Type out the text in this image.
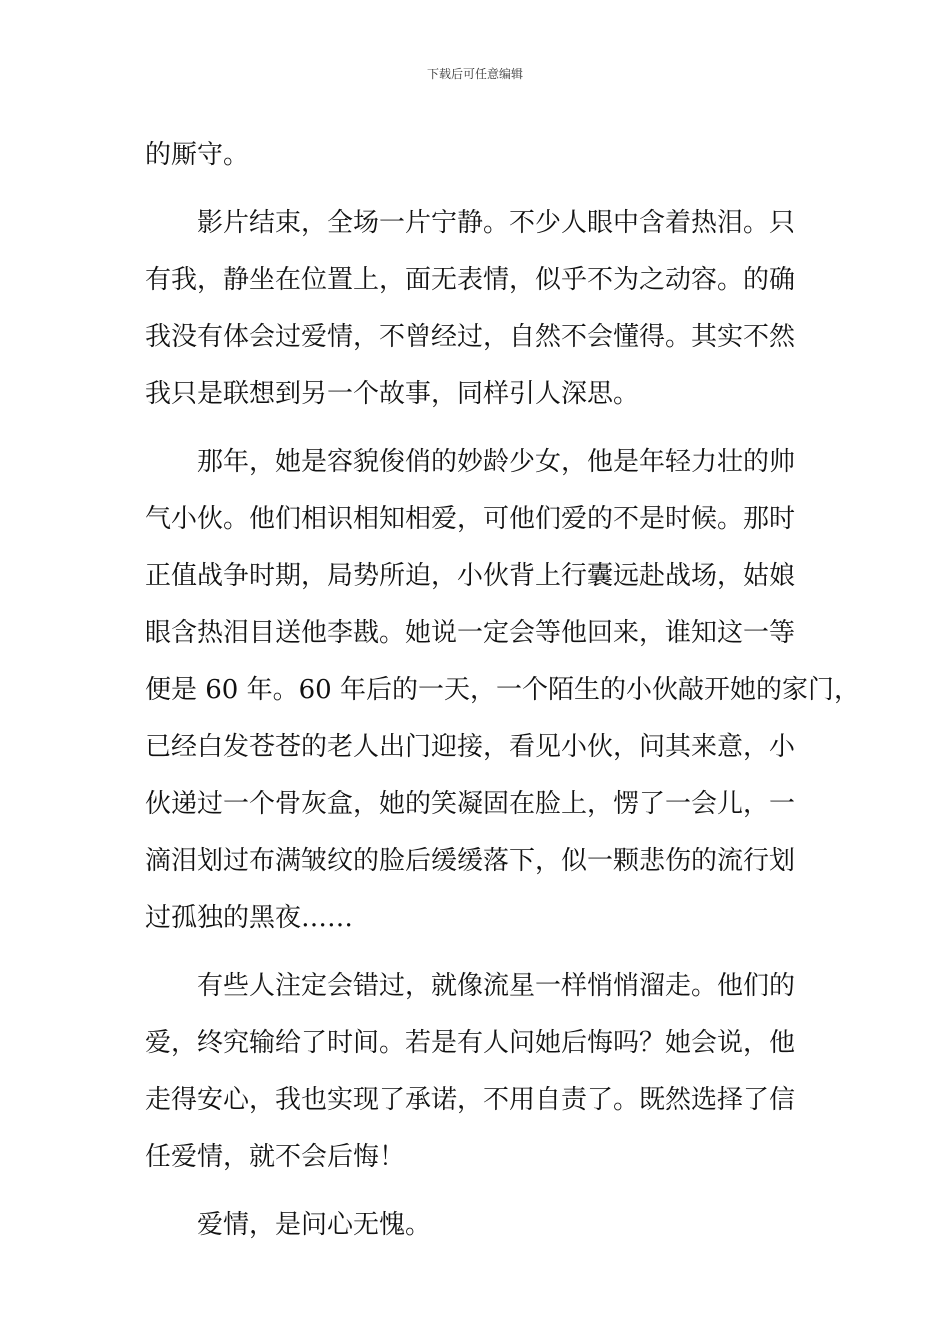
下载后可任意编辑
的厮守。
影片结束，全场一片宁静。不少人眼中含着热泪。只
有我，静坐在位置上，面无表情，似乎不为之动容。的确
我没有体会过爱情，不曾经过，自然不会懂得。其实不然
我只是联想到另一个故事，同样引人深思。
那年，她是容貌俊俏的妙龄少女，他是年轻力壮的帅
气小伙。他们相识相知相爱，可他们爱的不是时候。那时
正值战争时期，局势所迫，小伙背上行囊远赴战场，姑娘
眼含热泪目送他李戡。她说一定会等他回来，谁知这一等
便是 60 年。60 年后的一天，一个陌生的小伙敲开她的家门，
已经白发苍苍的老人出门迎接，看见小伙，问其来意，小
伙递过一个骨灰盒，她的笑凝固在脸上，愣了一会儿，一
滴泪划过布满皱纹的脸后缓缓落下，似一颗悲伤的流行划
过孤独的黑夜……
有些人注定会错过，就像流星一样悄悄溜走。他们的
爱，终究输给了时间。若是有人问她后悔吗？她会说，他
走得安心，我也实现了承诺，不用自责了。既然选择了信
任爱情，就不会后悔！
爱情，是问心无愧。
